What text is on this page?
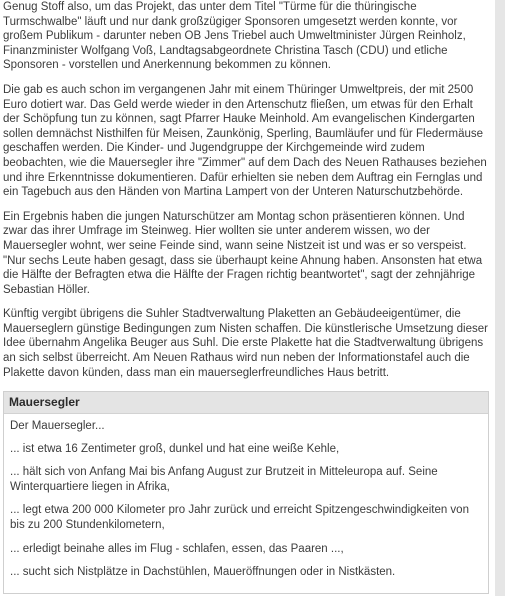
Genug Stoff also, um das Projekt, das unter dem Titel "Türme für die thüringische Turmschwalbe" läuft und nur dank großzügiger Sponsoren umgesetzt werden konnte, vor großem Publikum - darunter neben OB Jens Triebel auch Umweltminister Jürgen Reinholz, Finanzminister Wolfgang Voß, Landtagsabgeordnete Christina Tasch (CDU) und etliche Sponsoren - vorstellen und Anerkennung bekommen zu können.

Die gab es auch schon im vergangenen Jahr mit einem Thüringer Umweltpreis, der mit 2500 Euro dotiert war. Das Geld werde wieder in den Artenschutz fließen, um etwas für den Erhalt der Schöpfung tun zu können, sagt Pfarrer Hauke Meinhold. Am evangelischen Kindergarten sollen demnächst Nisthilfen für Meisen, Zaunkönig, Sperling, Baumläufer und für Fledermäuse geschaffen werden. Die Kinder- und Jugendgruppe der Kirchgemeinde wird zudem beobachten, wie die Mauersegler ihre "Zimmer" auf dem Dach des Neuen Rathauses beziehen und ihre Erkenntnisse dokumentieren. Dafür erhielten sie neben dem Auftrag ein Fernglas und ein Tagebuch aus den Händen von Martina Lampert von der Unteren Naturschutzbehörde.

Ein Ergebnis haben die jungen Naturschützer am Montag schon präsentieren können. Und zwar das ihrer Umfrage im Steinweg. Hier wollten sie unter anderem wissen, wo der Mauersegler wohnt, wer seine Feinde sind, wann seine Nistzeit ist und was er so verspeist. "Nur sechs Leute haben gesagt, dass sie überhaupt keine Ahnung haben. Ansonsten hat etwa die Hälfte der Befragten etwa die Hälfte der Fragen richtig beantwortet", sagt der zehnjährige Sebastian Höller.

Künftig vergibt übrigens die Suhler Stadtverwaltung Plaketten an Gebäudeeigentümer, die Mauerseglern günstige Bedingungen zum Nisten schaffen. Die künstlerische Umsetzung dieser Idee übernahm Angelika Beuger aus Suhl. Die erste Plakette hat die Stadtverwaltung übrigens an sich selbst überreicht. Am Neuen Rathaus wird nun neben der Informationstafel auch die Plakette davon künden, dass man ein mauerseglerfreundliches Haus betritt.

Mauersegler

Der Mauersegler...

... ist etwa 16 Zentimeter groß, dunkel und hat eine weiße Kehle,

... hält sich von Anfang Mai bis Anfang August zur Brutzeit in Mitteleuropa auf. Seine Winterquartiere liegen in Afrika,

... legt etwa 200 000 Kilometer pro Jahr zurück und erreicht Spitzengeschwindigkeiten von bis zu 200 Stundenkilometern,

... erledigt beinahe alles im Flug - schlafen, essen, das Paaren ...,

... sucht sich Nistplätze in Dachstühlen, Maueröffnungen oder in Nistkästen.
